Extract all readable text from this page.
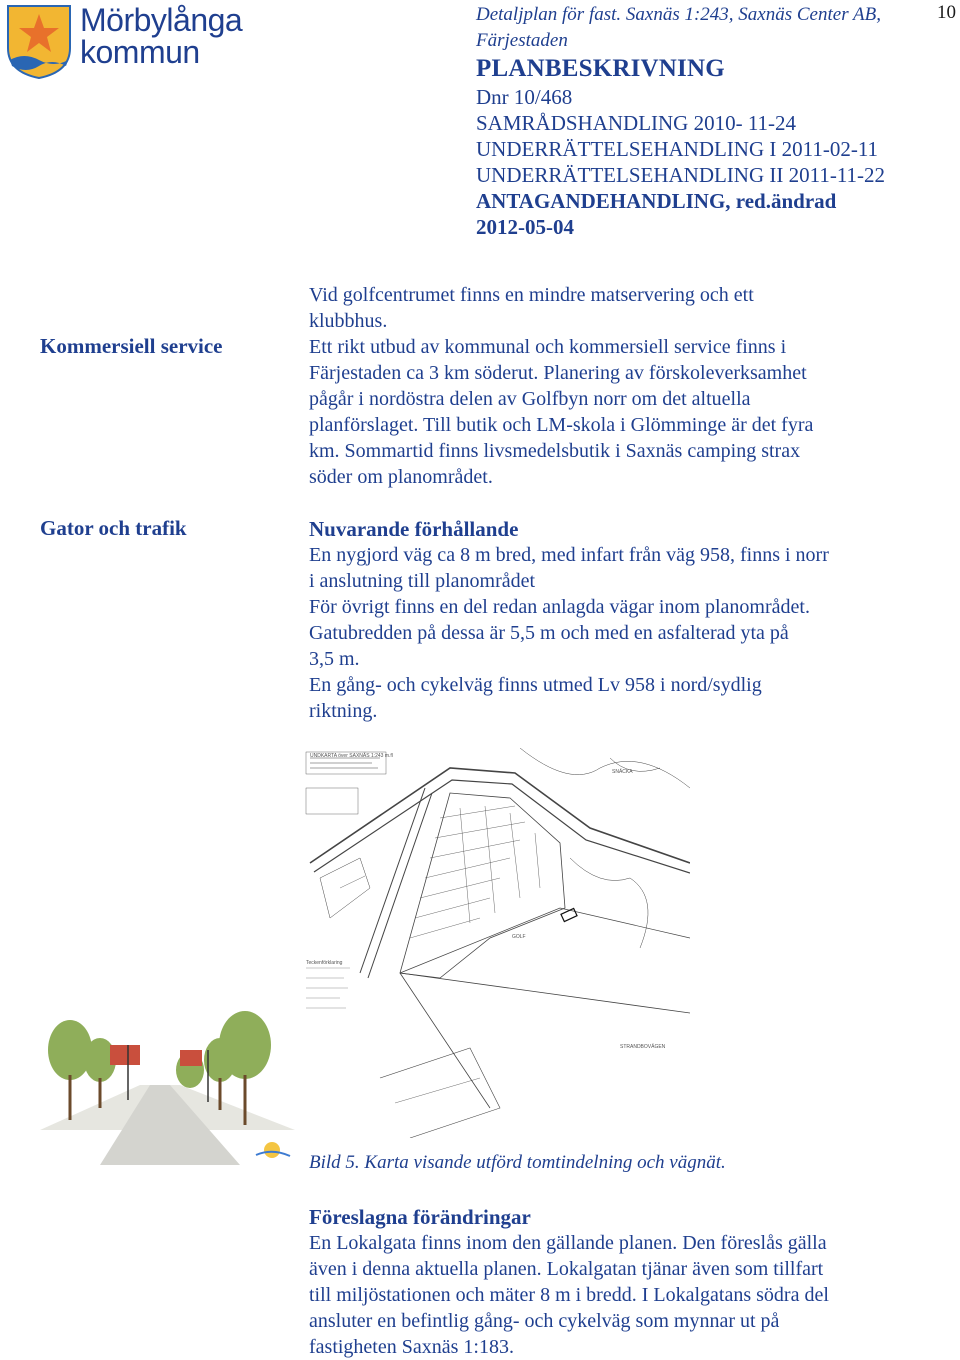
Mörbylånga
kommun
Detaljplan för fast. Saxnäs 1:243, Saxnäs Center AB,
Färjestaden
PLANBESKRIVNING
Dnr 10/468
SAMRÅDSHANDLING 2010- 11-24
UNDERRÄTTELSEHANDLING I 2011-02-11
UNDERRÄTTELSEHANDLING II 2011-11-22
ANTAGANDEHANDLING, red.ändrad
2012-05-04
10
Kommersiell service
Gator och trafik

Vid golfcentrumet finns en mindre matservering och ett

klubbhus.

Ett rikt utbud av kommunal och kommersiell service finns i

Färjestaden ca 3 km söderut. Planering av förskoleverksamhet

pågår i nordöstra delen av Golfbyn norr om det altuella

planförslaget. Till butik och LM-skola i Glömminge är det fyra

km. Sommartid finns livsmedelsbutik i Saxnäs camping strax

söder om planområdet.

Nuvarande förhållande

En nygjord väg ca 8 m bred, med infart från väg 958, finns i norr

i anslutning till planområdet

För övrigt finns en del redan anlagda vägar inom planområdet.

Gatubredden på dessa är 5,5 m och med en asfalterad yta på

3,5 m.

En gång- och cykelväg finns utmed Lv 958 i nord/sydlig

riktning.

UNDKARTA över SAXNÄS 1:243 m.fl
SNÄCKA
GOLF
STRANDBOVÄGEN
Teckenförklaring
Bild 5. Karta visande utförd tomtindelning och vägnät.

Föreslagna förändringar

En Lokalgata finns inom den gällande planen. Den föreslås gälla

även i denna aktuella planen. Lokalgatan tjänar även som tillfart

till miljöstationen och mäter 8 m i bredd. I Lokalgatans södra del

ansluter en befintlig gång- och cykelväg som mynnar ut på

fastigheten Saxnäs 1:183.
